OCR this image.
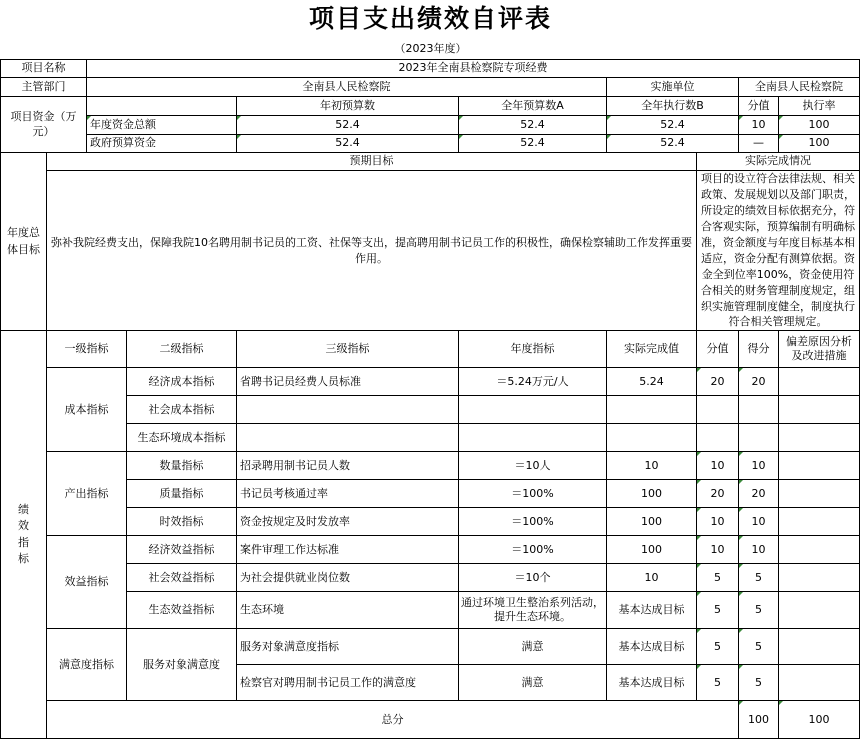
项目支出绩效自评表
（2023年度）
项目名称		2023年全南县检察院专项经费								
主管部门		全南县人民检察院				实施单位		全南县人民检察院		
项目资金（万元）				年初预算数	全年预算数A	全年执行数B		分值	执行率	
		年度资金总额		52.4	52.4	52.4		10	100	
		政府预算资金		52.4	52.4	52.4		—	100	
年度总体目标	预期目标						实际完成情况			
	弥补我院经费支出，保障我院10名聘用制书记员的工资、社保等支出，提高聘用制书记员工作的积极性，确保检察辅助工作发挥重要作用。						项目的设立符合法律法规、相关政策、发展规划以及部门职责，所设定的绩效目标依据充分，符合客观实际，预算编制有明确标准，资金额度与年度目标基本相适应，资金分配有测算依据。资金全到位率100%，资金使用符合相关的财务管理制度规定，组织实施管理制度健全，制度执行符合相关管理规定。			
绩效指标	一级指标		二级指标	三级指标	年度指标	实际完成值	分值	得分	偏差原因分析及改进措施	
	成本指标		经济成本指标	省聘书记员经费人员标准	＝5.24万元/人	5.24	20	20		
			社会成本指标							
			生态环境成本指标							
	产出指标		数量指标	招录聘用制书记员人数	＝10人	10	10	10		
			质量指标	书记员考核通过率	＝100%	100	20	20		
			时效指标	资金按规定及时发放率	＝100%	100	10	10		
	效益指标		经济效益指标	案件审理工作达标准	＝100%	100	10	10		
			社会效益指标	为社会提供就业岗位数	＝10个	10	5	5		
			生态效益指标	生态环境	通过环境卫生整治系列活动，提升生态环境。	基本达成目标	5	5		
	满意度指标		服务对象满意度	服务对象满意度指标	满意	基本达成目标	5	5		
				检察官对聘用制书记员工作的满意度	满意	基本达成目标	5	5		
	总分							100	100	
